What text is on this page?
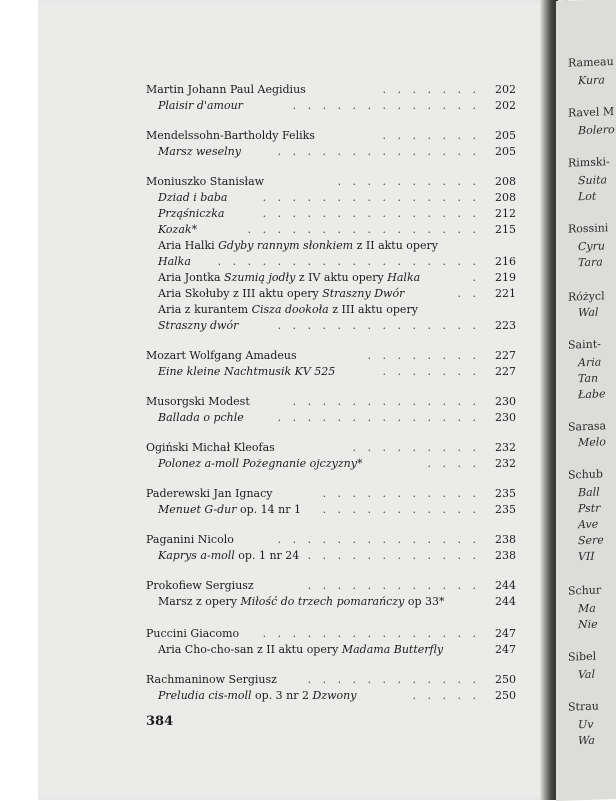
Rameau
Kura
Ravel M
Bolero
Rimski-
Suita
Lot
Rossini
Cyru
Tara
Różycl
Wal
Saint-
Aria
Tan
Łabe
Sarasa
Melo
Schub
Ball
Pstr
Ave
Sere
VII
Schur
Ma
Nie
Sibel
Val
Strau
Uv
Wa
Martin Johann Paul Aegidius	. . . . . . . 202
Plaisir d'amour	. . . . . . . . . . . . . 202
Mendelssohn-Bartholdy Feliks	. . . . . . . 205
Marsz weselny	. . . . . . . . . . . . . . 205
Moniuszko Stanisław	. . . . . . . . . . 208
Dziad i baba	. . . . . . . . . . . . . . . 208
Prząśniczka	. . . . . . . . . . . . . . . 212
Kozak*	. . . . . . . . . . . . . . . . 215
Aria Halki Gdyby rannym słonkiem z II aktu opery
Halka . . . . . . . . . . . . . . . . . . 216
Aria Jontka Szumią jodły z IV aktu opery Halka	. 219
Aria Skołuby z III aktu opery Straszny Dwór	. . 221
Aria z kurantem Cisza dookoła z III aktu opery
Straszny dwór	. . . . . . . . . . . . . . 223
Mozart Wolfgang Amadeus	. . . . . . . . 227
Eine kleine Nachtmusik KV 525	. . . . . . . 227
Musorgski Modest	. . . . . . . . . . . . . 230
Ballada o pchle	. . . . . . . . . . . . . . 230
Ogiński Michał Kleofas	. . . . . . . . . 232
Polonez a-moll Pożegnanie ojczyzny*	. . . . 232
Paderewski Jan Ignacy	. . . . . . . . . . . 235
Menuet G-dur op. 14 nr 1 . . . . . . . . . . . 235
Paganini Nicolo	. . . . . . . . . . . . . . 238
Kaprys a-moll op. 1 nr 24 . . . . . . . . . . . . 238
Prokofiew Sergiusz	. . . . . . . . . . . . 244
Marsz z opery Miłość do trzech pomarańczy op 33*	244
Puccini Giacomo . . . . . . . . . . . . . . . 247
Aria Cho-cho-san z II aktu opery Madama Butterfly	247
Rachmaninow Sergiusz	. . . . . . . . . . . . 250
Preludia cis-moll op. 3 nr 2 Dzwony	. . . . . 250
384
